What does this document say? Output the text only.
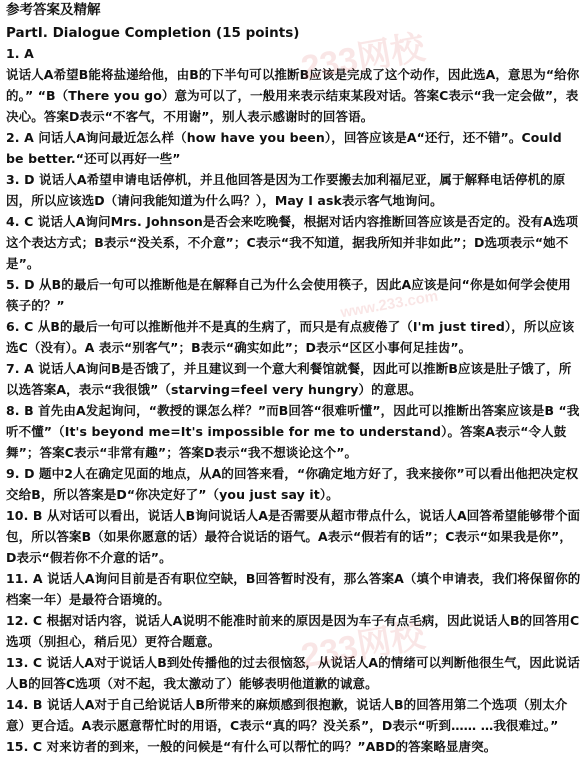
参考答案及精解
PartⅠ. Dialogue Completion (15 points)
1. A
说话人A希望B能将盐递给他，由B的下半句可以推断B应该是完成了这个动作，因此选A，意思为“给你的。” “B（There you go）意为可以了，一般用来表示结束某段对话。答案C表示“我一定会做”，表决心。答案D表示“不客气，不用谢”，别人表示感谢时的回答语。
2. A 问话人A询问最近怎么样（how have you been），回答应该是A“还行，还不错”。Could be better.“还可以再好一些”
3. D 说话人A希望申请电话停机，并且他回答是因为工作要搬去加利福尼亚，属于解释电话停机的原因，所以应该选D（请问我能知道为什么吗？），May I ask表示客气地询问。
4. C 说话人A询问Mrs. Johnson是否会来吃晚餐，根据对话内容推断回答应该是否定的。没有A选项这个表达方式；B表示“没关系，不介意”；C表示“我不知道，据我所知并非如此”；D选项表示“她不是”。
5. D 从B的最后一句可以推断他是在解释自己为什么会使用筷子，因此A应该是问“你是如何学会使用筷子的？”
6. C 从B的最后一句可以推断他并不是真的生病了，而只是有点疲倦了（I'm just tired），所以应该选C（没有）。A 表示“别客气”；B表示“确实如此”；D表示“区区小事何足挂齿”。
7. A 说话人A询问B是否饿了，并且建议到一个意大利餐馆就餐，因此可以推断B应该是肚子饿了，所以选答案A，表示“我很饿”（starving=feel very hungry）的意思。
8. B 首先由A发起询问，“教授的课怎么样？”而B回答“很难听懂”，因此可以推断出答案应该是B “我听不懂”（It's beyond me=It's impossible for me to understand）。答案A表示“令人鼓舞”；答案C表示“非常有趣”；答案D表示“我不想谈论这个”。
9. D 题中2人在确定见面的地点，从A的回答来看，“你确定地方好了，我来接你”可以看出他把决定权交给B，所以答案是D“你决定好了”（you just say it）。
10. B 从对话可以看出，说话人B询问说话人A是否需要从超市带点什么，说话人A回答希望能够带个面包，所以答案B（如果你愿意的话）最符合说话的语气。A表示“假若有的话”；C表示“如果我是你”，D表示“假若你不介意的话”。
11. A 说话人A询问目前是否有职位空缺，B回答暂时没有，那么答案A（填个申请表，我们将保留你的档案一年）是最符合语境的。
12. C 根据对话内容，说话人A说明不能准时前来的原因是因为车子有点毛病，因此说话人B的回答用C选项（别担心，稍后见）更符合题意。
13. C 说话人A对于说话人B到处传播他的过去很恼怒，从说话人A的情绪可以判断他很生气，因此说话人B的回答C选项（对不起，我太激动了）能够表明他道歉的诚意。
14. B 说话人A对于自己给说话人B所带来的麻烦感到很抱歉，说话人B的回答用第二个选项（别太介意）更合适。A表示愿意帮忙时的用语，C表示“真的吗？没关系”，D表示“听到…… …我很难过。”
15. C 对来访者的到来，一般的问候是“有什么可以帮忙的吗？”ABD的答案略显唐突。
233网校
www.233.com
233网校
